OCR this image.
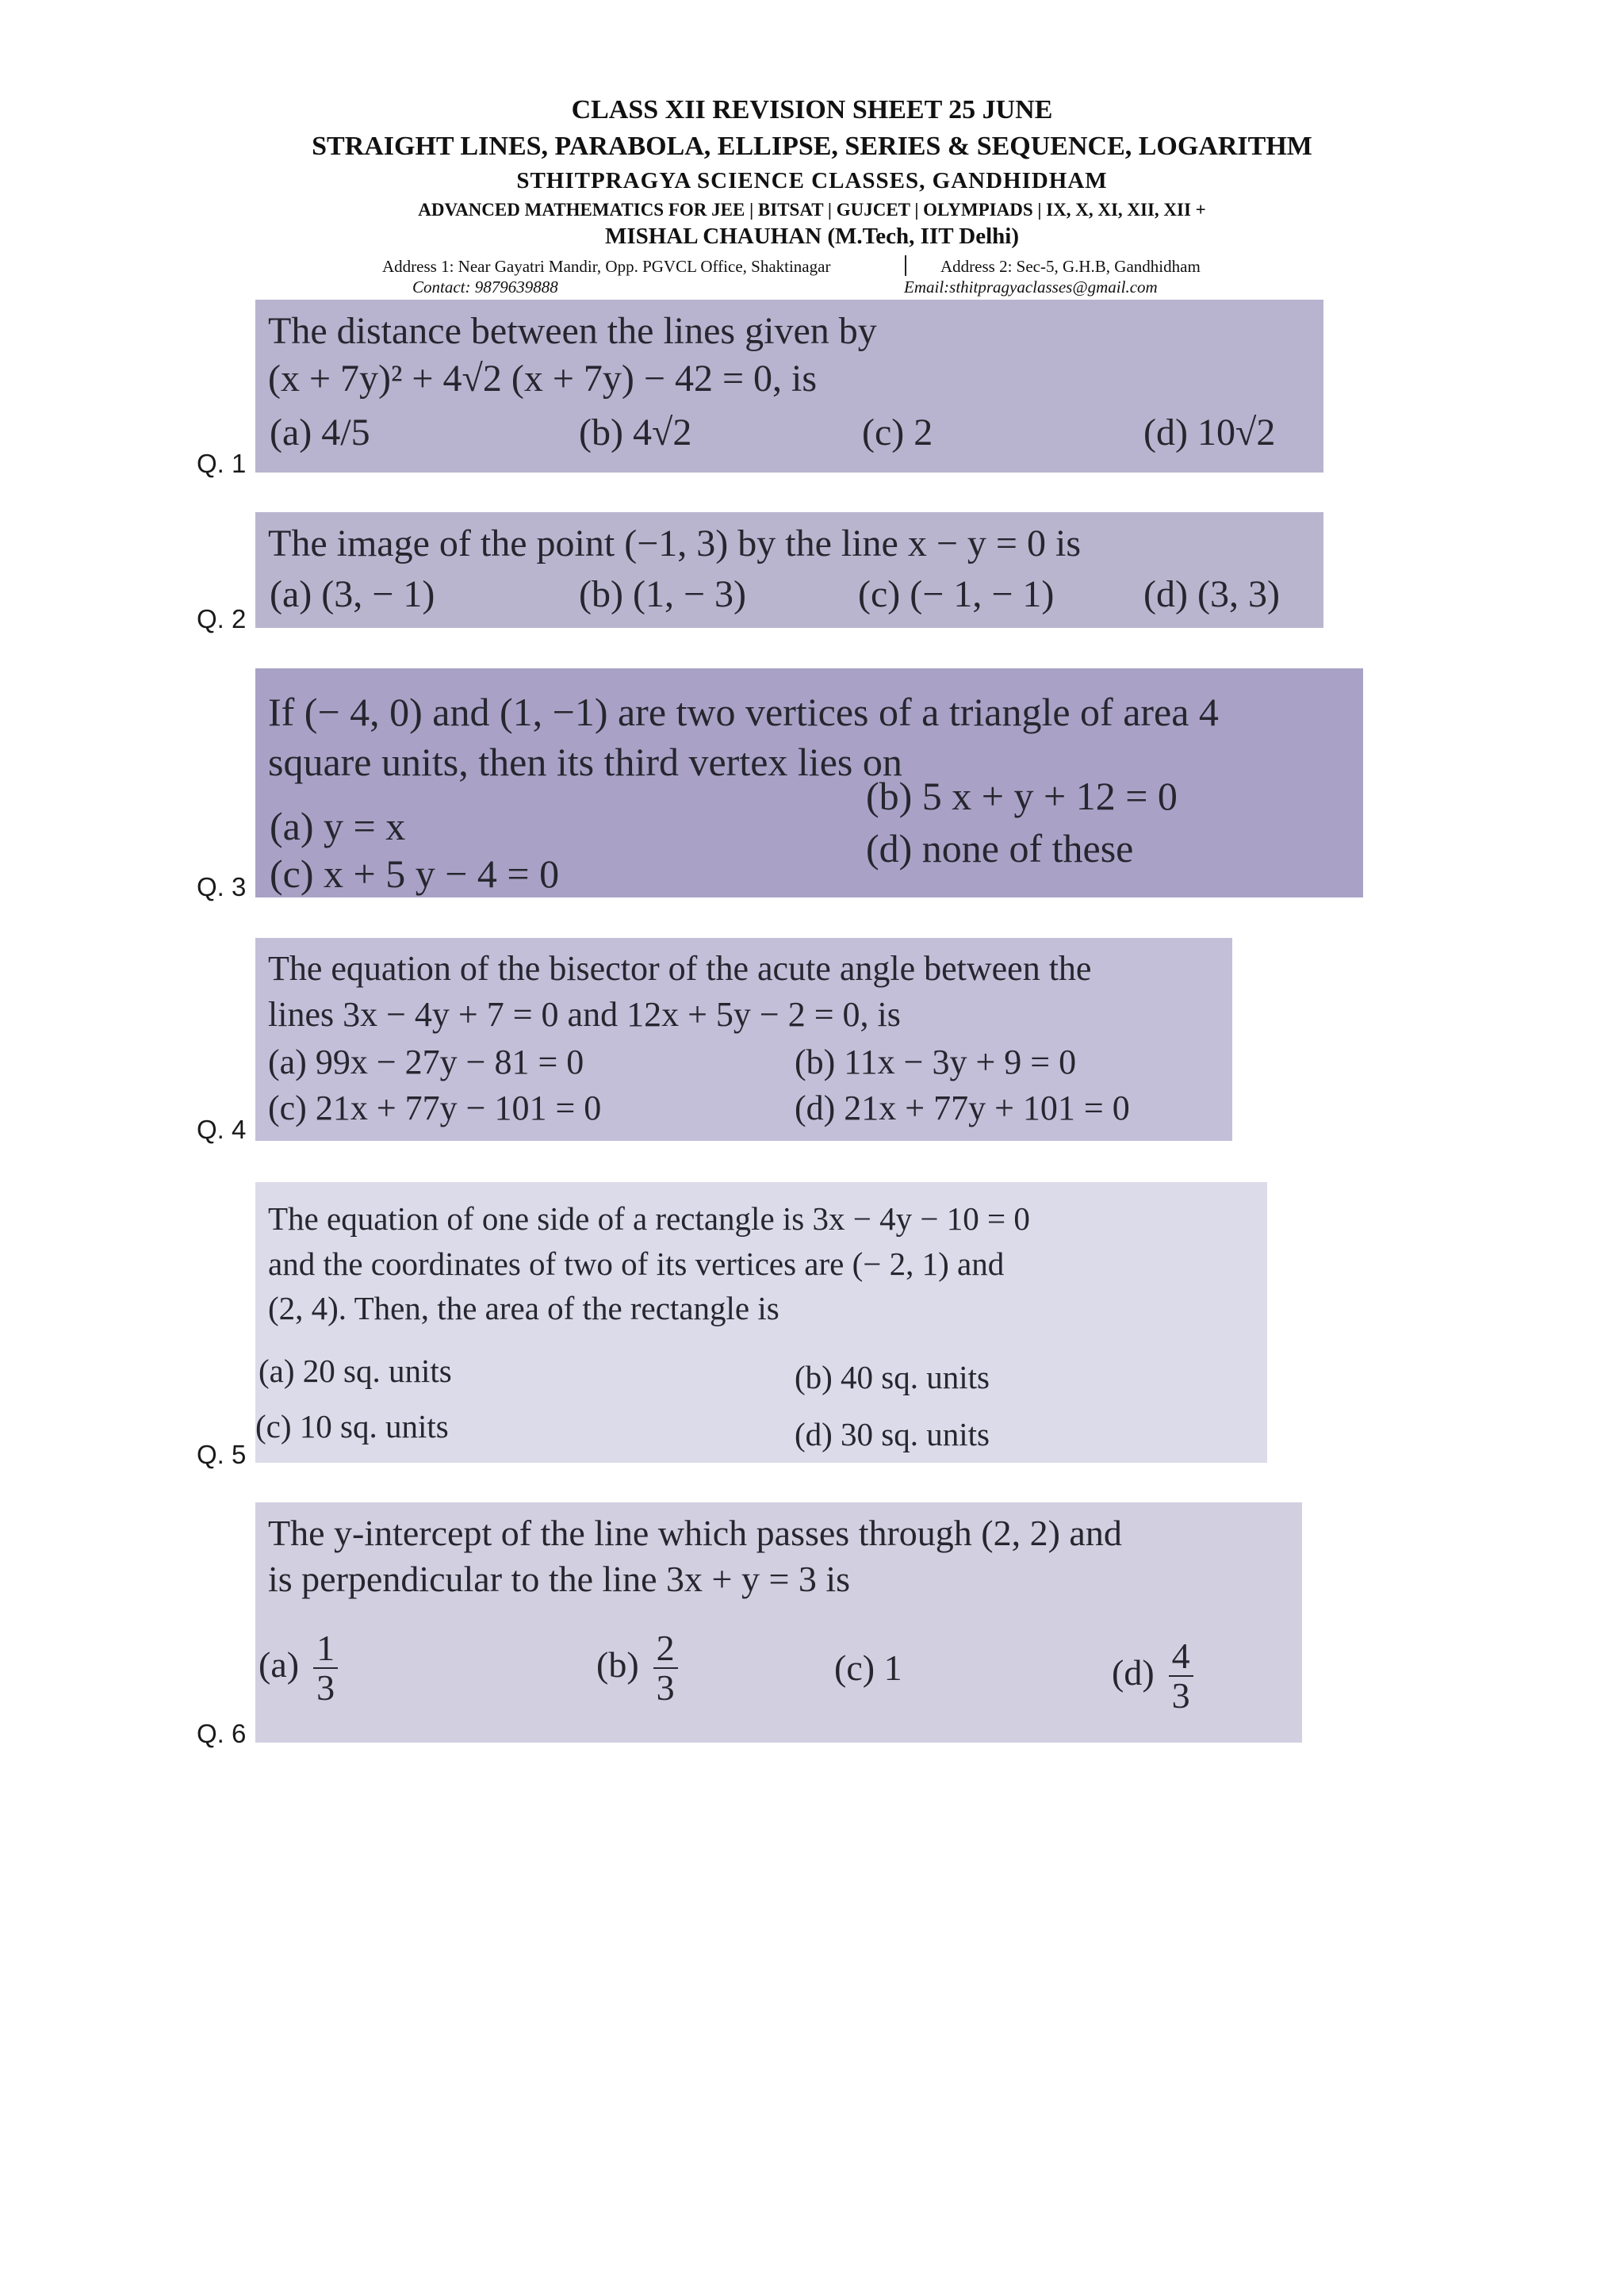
CLASS XII REVISION SHEET 25 JUNE
STRAIGHT LINES, PARABOLA, ELLIPSE, SERIES & SEQUENCE, LOGARITHM
STHITPRAGYA SCIENCE CLASSES, GANDHIDHAM
ADVANCED MATHEMATICS FOR JEE | BITSAT | GUJCET | OLYMPIADS | IX, X, XI, XII, XII +
MISHAL CHAUHAN (M.Tech, IIT Delhi)
Address 1: Near Gayatri Mandir, Opp. PGVCL Office, Shaktinagar	Address 2: Sec-5, G.H.B, Gandhidham
Contact: 9879639888	Email:sthitpragyaclasses@gmail.com
Q. 1
The distance between the lines given by
(x + 7y)² + 4√2 (x + 7y) − 42 = 0, is
(a) 4/5	(b) 4√2	(c) 2	(d) 10√2
Q. 2
The image of the point (−1, 3) by the line x − y = 0 is
(a) (3, − 1)	(b) (1, − 3)	(c) (− 1, − 1) (d) (3, 3)
Q. 3
If (− 4, 0) and (1, −1) are two vertices of a triangle of area 4
square units, then its third vertex lies on
(a) y = x
(b) 5 x + y + 12 = 0
(c) x + 5 y − 4 = 0
(d) none of these
Q. 4
The equation of the bisector of the acute angle between the
lines 3x − 4y + 7 = 0 and 12x + 5y − 2 = 0, is
(a) 99x − 27y − 81 = 0	(b) 11x − 3y + 9 = 0
(c) 21x + 77y − 101 = 0	(d) 21x + 77y + 101 = 0
Q. 5
The equation of one side of a rectangle is 3x − 4y − 10 = 0
and the coordinates of two of its vertices are (− 2, 1) and
(2, 4). Then, the area of the rectangle is
(a) 20 sq. units	(b) 40 sq. units
(c) 10 sq. units	(d) 30 sq. units
Q. 6
The y-intercept of the line which passes through (2, 2) and
is perpendicular to the line 3x + y = 3 is
$(a) \frac{1}{3}$	$(b) \frac{2}{3}$	(c) 1	$(d) \frac{4}{3}$
